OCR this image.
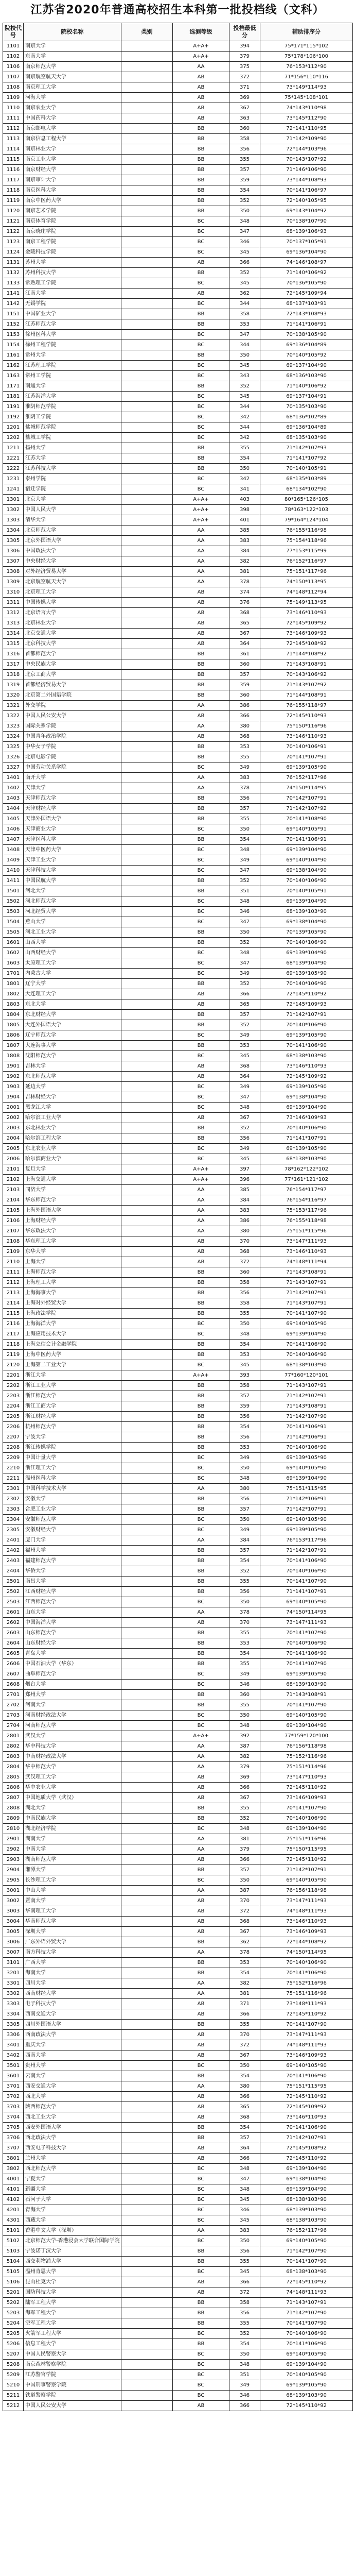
江苏省2020年普通高校招生本科第一批投档线（文科）
院校代号	院校名称	类别	选测等级	投档最低分	辅助排序分
1101	南京大学		A+A+	394	75*171*115*102
1102	东南大学		A+A+	379	75*178*106*100
1106	南京师范大学		AA	375	76*153*112*90
1107	南京航空航天大学		AB	372	71*156*110*116
1108	南京理工大学		AB	371	73*149*114*93
1109	河海大学		AB	369	75*145*108*101
1110	南京农业大学		AB	367	74*143*110*98
1111	中国药科大学		AB	363	73*145*112*90
1112	南京邮电大学		BB	360	72*141*110*95
1113	南京信息工程大学		BB	358	71*142*109*90
1114	南京林业大学		BB	356	72*144*103*96
1115	南京工业大学		BB	355	70*143*107*92
1116	南京财经大学		BB	357	71*146*106*90
1117	南京审计大学		BB	359	73*144*108*93
1118	南京医科大学		BB	354	70*141*106*97
1119	南京中医药大学		BB	352	72*140*105*95
1120	南京艺术学院		BB	350	69*143*104*92
1121	南京体育学院		BC	348	70*138*107*90
1122	南京晓庄学院		BC	347	68*139*106*93
1123	南京工程学院		BC	346	70*137*105*91
1124	金陵科技学院		BC	345	69*136*104*90
1131	苏州大学		AB	366	74*146*108*97
1132	苏州科技大学		BB	352	71*140*106*92
1133	常熟理工学院		BC	345	70*136*105*90
1141	江南大学		AB	362	72*145*109*94
1142	无锡学院		BC	344	68*137*103*91
1151	中国矿业大学		BB	358	72*143*108*93
1152	江苏师范大学		BB	353	71*141*106*91
1153	徐州医科大学		BC	347	70*138*105*90
1154	徐州工程学院		BC	344	69*136*104*89
1161	常州大学		BB	350	70*140*105*92
1162	江苏理工学院		BC	345	69*137*104*90
1163	常州工学院		BC	343	68*136*103*90
1171	南通大学		BB	352	71*140*106*92
1181	江苏海洋大学		BC	345	69*137*104*91
1191	淮阴师范学院		BC	344	70*135*103*90
1192	淮阴工学院		BC	342	68*136*102*89
1201	盐城师范学院		BC	344	69*136*104*89
1202	盐城工学院		BC	342	68*135*103*90
1211	扬州大学		BB	355	71*142*107*93
1221	江苏大学		BB	354	71*141*107*92
1222	江苏科技大学		BB	350	70*140*105*91
1231	泰州学院		BC	342	68*135*103*89
1241	宿迁学院		BC	341	68*134*102*90
1301	北京大学		A+A+	403	80*165*126*105
1302	中国人民大学		A+A+	398	78*163*122*103
1303	清华大学		A+A+	401	79*164*124*104
1304	北京师范大学		AA	385	76*155*116*98
1305	北京外国语大学		AA	383	75*154*118*96
1306	中国政法大学		AA	384	77*153*115*99
1307	中央财经大学		AA	382	76*152*116*97
1308	对外经济贸易大学		AA	381	75*151*117*96
1309	北京航空航天大学		AA	378	74*150*113*95
1310	北京理工大学		AB	374	74*148*112*94
1311	中国传媒大学		AB	376	75*149*113*95
1312	北京语言大学		AB	368	73*146*110*93
1313	北京林业大学		AB	365	72*145*109*92
1314	北京交通大学		AB	367	73*146*109*93
1315	北京科技大学		AB	364	72*145*108*92
1316	首都师范大学		BB	361	71*144*108*92
1317	中央民族大学		BB	360	71*143*108*91
1318	北京工商大学		BB	357	70*143*106*92
1319	首都经济贸易大学		BB	359	71*143*107*92
1320	北京第二外国语学院		BB	360	71*144*108*91
1321	外交学院		AA	386	76*155*118*97
1322	中国人民公安大学		AB	366	72*145*110*93
1323	国际关系学院		AA	380	75*150*116*96
1324	中国青年政治学院		AB	368	73*146*110*93
1325	中华女子学院		BB	353	70*140*106*91
1326	北京电影学院		BB	355	70*141*107*91
1327	中国劳动关系学院		BC	349	69*139*105*90
1401	南开大学		AA	383	76*152*117*96
1402	天津大学		AA	378	74*150*114*95
1403	天津师范大学		BB	356	70*142*107*91
1404	天津财经大学		BB	357	71*142*107*92
1405	天津外国语大学		BB	355	70*141*108*90
1406	天津商业大学		BC	350	69*140*105*91
1407	天津医科大学		BB	354	70*141*106*91
1408	天津中医药大学		BC	348	69*139*104*90
1409	天津工业大学		BC	349	69*140*104*90
1410	天津科技大学		BC	347	69*138*104*90
1411	中国民航大学		BB	352	70*140*106*90
1501	河北大学		BB	351	70*140*105*91
1502	河北师范大学		BC	348	69*139*104*90
1503	河北经贸大学		BC	346	68*139*103*90
1504	燕山大学		BC	347	69*138*104*90
1505	河北工业大学		BB	350	70*139*105*90
1601	山西大学		BB	352	70*140*106*90
1602	山西财经大学		BC	348	69*139*104*90
1603	太原理工大学		BC	347	68*139*104*90
1701	内蒙古大学		BC	349	69*139*105*90
1801	辽宁大学		BB	352	70*140*106*90
1802	大连理工大学		AB	366	72*145*110*92
1803	东北大学		AB	365	72*145*109*93
1804	东北财经大学		BB	357	71*142*107*91
1805	大连外国语大学		BB	352	70*140*106*90
1806	辽宁师范大学		BC	349	69*139*105*90
1807	大连海事大学		BB	353	70*141*106*90
1808	沈阳师范大学		BC	345	68*138*103*90
1901	吉林大学		AB	368	73*146*110*93
1902	东北师范大学		AB	364	72*145*109*92
1903	延边大学		BC	349	69*139*105*90
1904	吉林财经大学		BC	347	69*138*104*90
2001	黑龙江大学		BC	348	69*139*104*90
2002	哈尔滨工业大学		AB	367	73*146*109*93
2003	东北林业大学		BB	352	70*140*106*90
2004	哈尔滨工程大学		BB	356	71*141*107*91
2005	东北农业大学		BC	349	69*139*105*90
2006	哈尔滨商业大学		BC	345	68*138*103*90
2101	复旦大学		A+A+	397	78*162*122*102
2102	上海交通大学		A+A+	396	77*161*121*102
2103	同济大学		AA	385	76*154*117*97
2104	华东师范大学		AA	384	76*154*116*97
2105	上海外国语大学		AA	383	75*153*117*96
2106	上海财经大学		AA	386	76*155*118*98
2107	华东政法大学		AA	380	75*151*115*96
2108	华东理工大学		AB	370	73*147*111*93
2109	东华大学		AB	368	73*146*110*93
2110	上海大学		AB	372	74*148*111*94
2111	上海师范大学		BB	360	71*143*108*91
2112	上海理工大学		BB	358	71*143*107*91
2113	上海海事大学		BB	356	71*142*107*91
2114	上海对外经贸大学		BB	358	71*143*107*91
2115	上海政法学院		BB	355	70*141*107*90
2116	上海海洋大学		BC	350	69*140*105*90
2117	上海应用技术大学		BC	348	69*139*104*90
2118	上海立信会计金融学院		BB	354	70*141*106*90
2119	上海中医药大学		BB	353	70*140*106*90
2120	上海第二工业大学		BC	345	68*138*103*90
2201	浙江大学		A+A+	393	77*160*120*101
2202	浙江工业大学		BB	358	71*143*107*91
2203	浙江师范大学		BB	357	71*142*107*91
2204	浙江工商大学		BB	359	71*143*108*91
2205	浙江财经大学		BB	356	71*142*107*90
2206	杭州师范大学		BB	354	70*141*106*91
2207	宁波大学		BB	356	71*142*106*91
2208	浙江传媒学院		BB	353	70*140*106*90
2209	中国计量大学		BC	349	69*139*105*90
2210	浙江理工大学		BC	350	69*140*105*90
2211	温州医科大学		BC	348	69*139*104*90
2301	中国科学技术大学		AA	380	75*151*115*95
2302	安徽大学		BB	356	71*142*106*91
2303	合肥工业大学		BB	357	71*142*107*91
2304	安徽师范大学		BC	350	69*140*105*90
2305	安徽财经大学		BC	349	69*139*105*90
2401	厦门大学		AA	384	76*153*117*96
2402	福州大学		BB	357	71*142*107*91
2403	福建师范大学		BB	354	70*141*106*90
2404	华侨大学		BB	352	70*140*106*90
2501	南昌大学		BB	355	70*141*107*90
2502	江西财经大学		BB	356	71*141*107*91
2503	江西师范大学		BC	350	69*140*105*90
2601	山东大学		AA	378	74*150*114*95
2602	中国海洋大学		AB	370	73*147*111*93
2603	山东师范大学		BB	355	70*141*107*90
2604	山东财经大学		BB	353	70*140*106*90
2605	青岛大学		BB	354	70*141*106*90
2606	中国石油大学（华东）		BB	355	70*141*107*90
2607	曲阜师范大学		BC	349	69*139*105*90
2608	烟台大学		BC	346	68*139*103*90
2701	郑州大学		BB	360	71*143*108*91
2702	河南大学		BB	355	70*141*107*90
2703	河南财经政法大学		BC	350	69*140*105*90
2704	河南师范大学		BC	348	69*139*104*90
2801	武汉大学		A+A+	392	77*159*120*100
2802	华中科技大学		AA	387	76*156*118*98
2803	中南财经政法大学		AA	382	75*152*116*96
2804	华中师范大学		AA	379	75*151*114*96
2805	武汉理工大学		AB	369	73*147*110*93
2806	华中农业大学		AB	366	72*145*110*92
2807	中国地质大学（武汉）		AB	367	73*146*109*93
2808	湖北大学		BB	355	70*141*107*90
2809	中南民族大学		BB	352	70*140*106*90
2810	湖北经济学院		BC	348	69*139*104*90
2901	湖南大学		AA	381	75*151*116*96
2902	中南大学		AA	379	75*150*115*95
2903	湖南师范大学		AB	366	72*145*110*92
2904	湘潭大学		BB	357	71*142*107*91
2905	长沙理工大学		BC	350	69*140*105*90
3001	中山大学		AA	387	76*156*118*98
3002	暨南大学		AB	370	73*147*111*93
3003	华南理工大学		AB	372	74*148*111*93
3004	华南师范大学		AB	368	73*146*110*93
3005	深圳大学		AB	367	73*146*109*93
3006	广东外语外贸大学		BB	362	72*144*108*92
3007	南方科技大学		AA	378	74*150*114*95
3101	广西大学		BB	353	70*140*106*90
3201	海南大学		BB	354	70*141*106*90
3301	四川大学		AA	382	75*152*116*96
3302	西南财经大学		AA	381	75*151*116*96
3303	电子科技大学		AB	371	73*148*111*93
3304	西南交通大学		AB	366	72*145*110*92
3305	四川外国语大学		BB	355	70*141*107*90
3306	西南政法大学		AB	370	73*147*111*93
3401	重庆大学		AB	372	74*148*111*93
3402	西南大学		AB	367	73*146*109*93
3501	贵州大学		BC	350	69*140*105*90
3601	云南大学		BB	354	70*141*106*90
3701	西安交通大学		AA	380	75*151*115*95
3702	西北大学		AB	366	72*145*110*92
3703	陕西师范大学		AB	365	72*145*109*92
3704	西北工业大学		AB	368	73*146*110*93
3705	西安外国语大学		BB	354	70*141*106*90
3706	西北政法大学		BB	357	71*142*107*91
3707	西安电子科技大学		AB	364	72*145*108*92
3801	兰州大学		AB	366	72*145*110*92
3802	西北师范大学		BC	348	69*139*104*90
4001	宁夏大学		BC	347	69*138*104*90
4101	新疆大学		BC	348	69*139*104*90
4102	石河子大学		BC	345	68*138*103*90
4201	青海大学		BC	346	68*139*103*90
4301	西藏大学		BC	345	68*138*103*90
5101	香港中文大学（深圳）		AA	383	76*152*117*96
5102	北京师范大学-香港浸会大学联合国际学院		BC	350	69*140*105*90
5103	宁波诺丁汉大学		BB	356	71*142*107*90
5104	西交利物浦大学		BB	355	70*141*107*90
5105	温州肯恩大学		BC	345	68*138*103*90
5106	昆山杜克大学		AB	366	72*145*110*92
5201	国防科技大学		AB	372	74*148*111*93
5202	陆军工程大学		BB	358	71*143*107*91
5203	海军工程大学		BB	356	71*142*107*90
5204	空军工程大学		BB	355	70*141*107*90
5205	火箭军工程大学		BC	352	70*140*106*90
5206	信息工程大学		BB	354	70*141*106*90
5207	中国人民警察大学		BC	350	69*140*105*90
5208	南京森林警察学院		BC	348	69*139*104*90
5209	江苏警官学院		BC	351	70*140*105*90
5210	中国刑事警察学院		BC	349	69*139*105*90
5211	铁道警察学院		BC	346	68*139*103*90
5212	中国人民公安大学		AB	366	72*145*110*92
